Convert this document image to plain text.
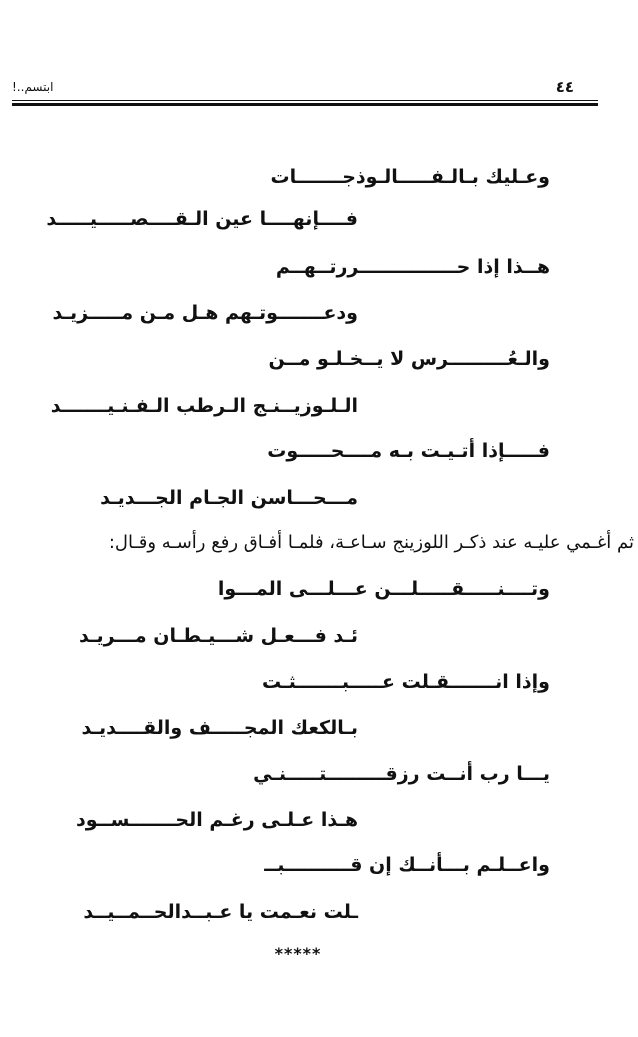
٤٤
ابتسم..!
وعـليك بـالـفـــــالـوذجـــــــات
فــــإنهــــا عين الـقــــصـــــيـــــد
هــذا إذا حـــــــــــــــررتــهــم
ودعـــــــوتـهم هـل مـن مـــــزيـد
والـعُـــــــــرس لا يــخـلـو مــن
الـلـوزيــنـج الـرطب الـفـنـيـــــــد
فـــــإذا أتـيـت بـه مــــحـــــوت
مـــحـــاسن الجـام الجـــديـد
ثم أغـمي عليـه عند ذكـر اللوزينج سـاعـة، فلمـا أفـاق رفع رأسـه وقـال:
وتــــنـــــقـــــلـــن عـــلـــى المـــوا
ئـد فـــعـل شـــيـطـان مـــريـد
وإذا انـــــــقـلت عـــــبـــــــثـت
بـالكعك المجـــــف والقــــديـد
يـــا رب أنــت رزقـــــــــتـــــنـي
هـذا عـلـى رغـم الحـــــــســود
واعــلـم بـــأنــك إن قــــــــــبــ
ـلت نعـمت يا عـبــدالحــمــيــد
*****
